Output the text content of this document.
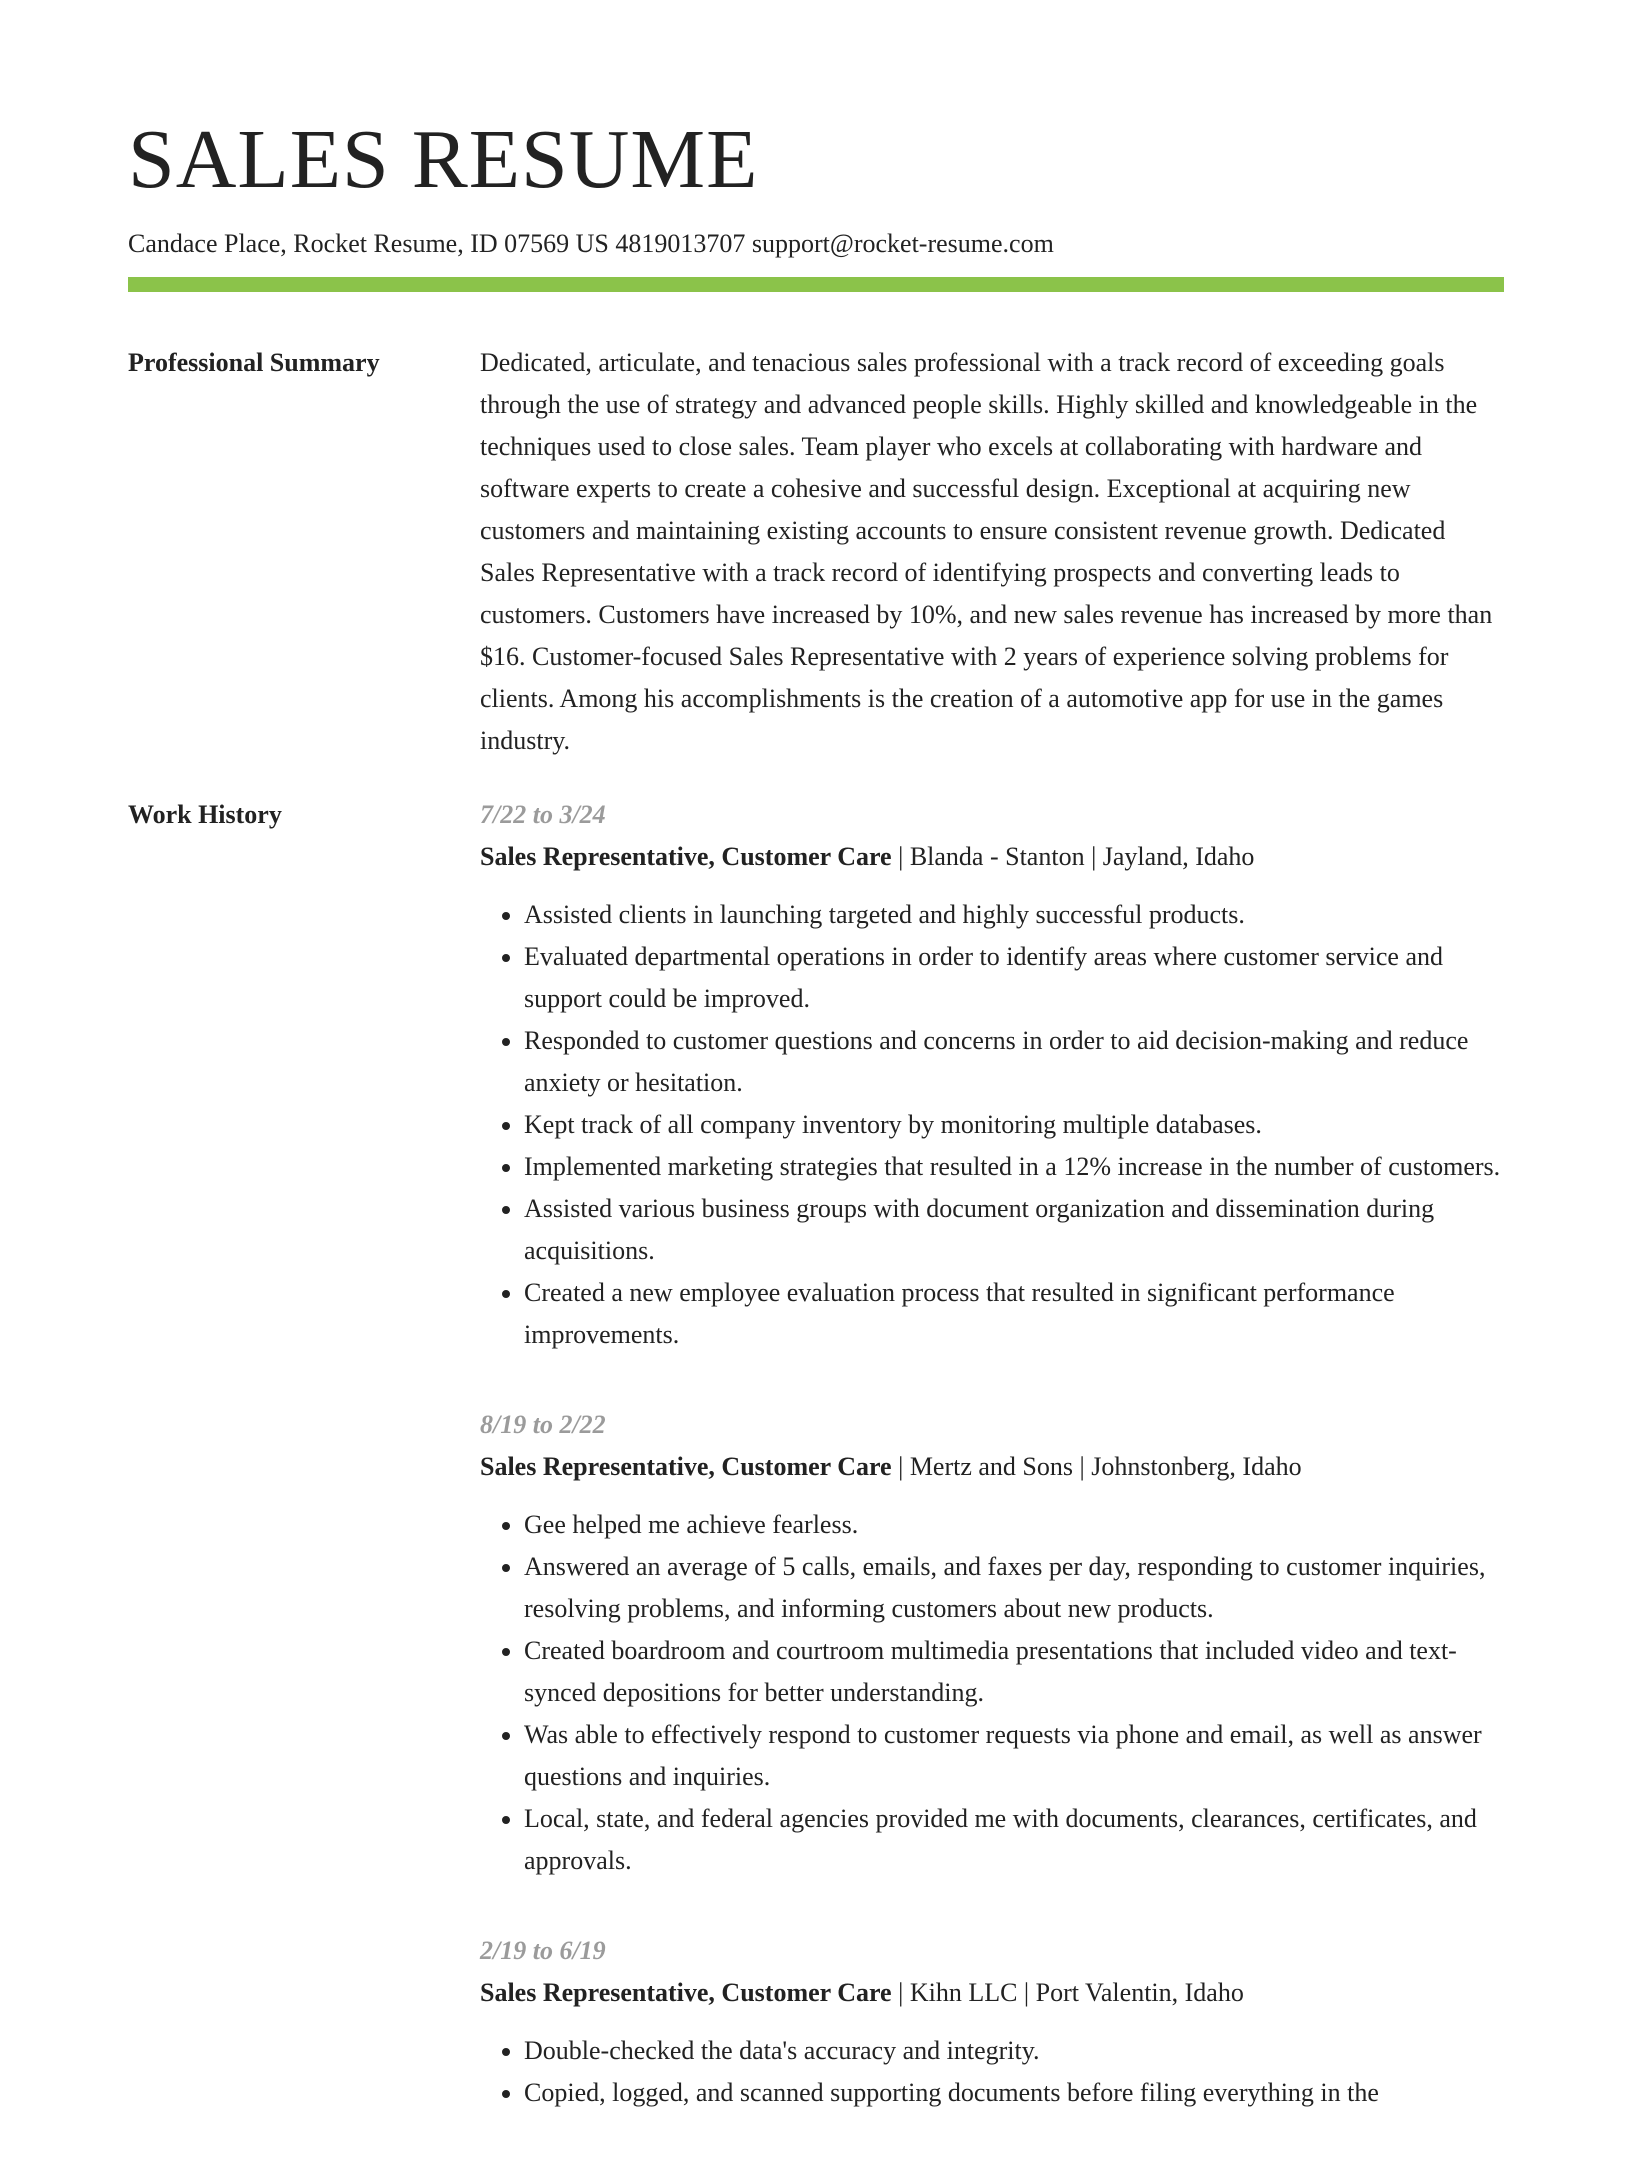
SALES RESUME
Candace Place, Rocket Resume, ID 07569 US 4819013707 support@rocket-resume.com
Professional Summary	Dedicated, articulate, and tenacious sales professional with a track record of exceeding goals through the use of strategy and advanced people skills. Highly skilled and knowledgeable in the techniques used to close sales. Team player who excels at collaborating with hardware and software experts to create a cohesive and successful design. Exceptional at acquiring new customers and maintaining existing accounts to ensure consistent revenue growth. Dedicated Sales Representative with a track record of identifying prospects and converting leads to customers. Customers have increased by 10%, and new sales revenue has increased by more than $16. Customer-focused Sales Representative with 2 years of experience solving problems for clients. Among his accomplishments is the creation of a automotive app for use in the games industry.
Work History	7/22 to 3/24
Sales Representative, Customer Care | Blanda - Stanton | Jayland, Idaho
• Assisted clients in launching targeted and highly successful products.
• Evaluated departmental operations in order to identify areas where customer service and support could be improved.
• Responded to customer questions and concerns in order to aid decision-making and reduce anxiety or hesitation.
• Kept track of all company inventory by monitoring multiple databases.
• Implemented marketing strategies that resulted in a 12% increase in the number of customers.
• Assisted various business groups with document organization and dissemination during acquisitions.
• Created a new employee evaluation process that resulted in significant performance improvements.
8/19 to 2/22
Sales Representative, Customer Care | Mertz and Sons | Johnstonberg, Idaho
• Gee helped me achieve fearless.
• Answered an average of 5 calls, emails, and faxes per day, responding to customer inquiries, resolving problems, and informing customers about new products.
• Created boardroom and courtroom multimedia presentations that included video and text-synced depositions for better understanding.
• Was able to effectively respond to customer requests via phone and email, as well as answer questions and inquiries.
• Local, state, and federal agencies provided me with documents, clearances, certificates, and approvals.
2/19 to 6/19
Sales Representative, Customer Care | Kihn LLC | Port Valentin, Idaho
• Double-checked the data's accuracy and integrity.
• Copied, logged, and scanned supporting documents before filing everything in the
